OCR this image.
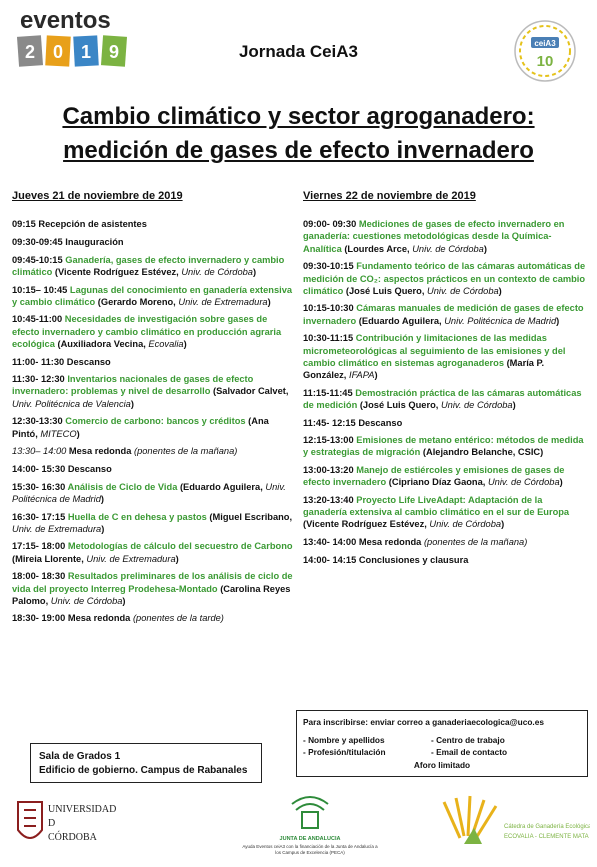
eventos
2 0 1 9	Jornada CeiA3	ceiA3
10
Cambio climático y sector agroganadero:
medición de gases de efecto invernadero
Jueves 21 de noviembre de 2019
09:15 Recepción de asistentes
09:30-09:45 Inauguración
09:45-10:15 Ganadería, gases de efecto invernadero y cambio climático (Vicente Rodríguez Estévez, Univ. de Córdoba)
10:15– 10:45 Lagunas del conocimiento en ganadería extensiva y cambio climático (Gerardo Moreno, Univ. de Extremadura)
10:45-11:00 Necesidades de investigación sobre gases de efecto invernadero y cambio climático en producción agraria ecológica (Auxiliadora Vecina, Ecovalia)
11:00- 11:30 Descanso
11:30- 12:30 Inventarios nacionales de gases de efecto invernadero: problemas y nivel de desarrollo (Salvador Calvet, Univ. Politécnica de Valencia)
12:30-13:30 Comercio de carbono: bancos y créditos (Ana Pintó, MITECO)
13:30– 14:00 Mesa redonda (ponentes de la mañana)
14:00- 15:30 Descanso
15:30- 16:30 Análisis de Ciclo de Vida (Eduardo Aguilera, Univ. Politécnica de Madrid)
16:30- 17:15 Huella de C en dehesa y pastos (Miguel Escribano, Univ. de Extremadura)
17:15- 18:00 Metodologías de cálculo del secuestro de Carbono (Mireia Llorente, Univ. de Extremadura)
18:00- 18:30 Resultados preliminares de los análisis de ciclo de vida del proyecto Interreg Prodehesa-Montado (Carolina Reyes Palomo, Univ. de Córdoba)
18:30- 19:00 Mesa redonda (ponentes de la tarde)
Viernes 22 de noviembre de 2019
09:00- 09:30 Mediciones de gases de efecto invernadero en ganadería: cuestiones metodológicas desde la Química-Analítica (Lourdes Arce, Univ. de Córdoba)
09:30-10:15 Fundamento teórico de las cámaras automáticas de medición de CO₂: aspectos prácticos en un contexto de cambio climático (José Luis Quero, Univ. de Córdoba)
10:15-10:30 Cámaras manuales de medición de gases de efecto invernadero (Eduardo Aguilera, Univ. Politécnica de Madrid)
10:30-11:15 Contribución y limitaciones de las medidas micrometeorológicas al seguimiento de las emisiones y del cambio climático en sistemas agroganaderos (María P. González, IFAPA)
11:15-11:45 Demostración práctica de las cámaras automáticas de medición (José Luis Quero, Univ. de Córdoba)
11:45- 12:15 Descanso
12:15-13:00 Emisiones de metano entérico: métodos de medida y estrategias de migración (Alejandro Belanche, CSIC)
13:00-13:20 Manejo de estiércoles y emisiones de gases de efecto invernadero (Cipriano Díaz Gaona, Univ. de Córdoba)
13:20-13:40 Proyecto Life LiveAdapt: Adaptación de la ganadería extensiva al cambio climático en el sur de Europa (Vicente Rodríguez Estévez, Univ. de Córdoba)
13:40- 14:00 Mesa redonda (ponentes de la mañana)
14:00- 14:15 Conclusiones y clausura
Para inscribirse: enviar correo a ganaderiaecologica@uco.es
- Nombre y apellidos	- Centro de trabajo
- Profesión/titulación	- Email de contacto
Aforo limitado
Sala de Grados 1
Edificio de gobierno. Campus de Rabanales
UNIVERSIDAD
D
CÓRDOBA	JUNTA DE ANDALUCIA
Ayuda Eventos ceiA3 con la financiación de la Junta de Andalucía a los Campus de Excelencia (PECA)
Cátedra de Ganadería Ecológica
ECOVALIA - CLEMENTE MATA
